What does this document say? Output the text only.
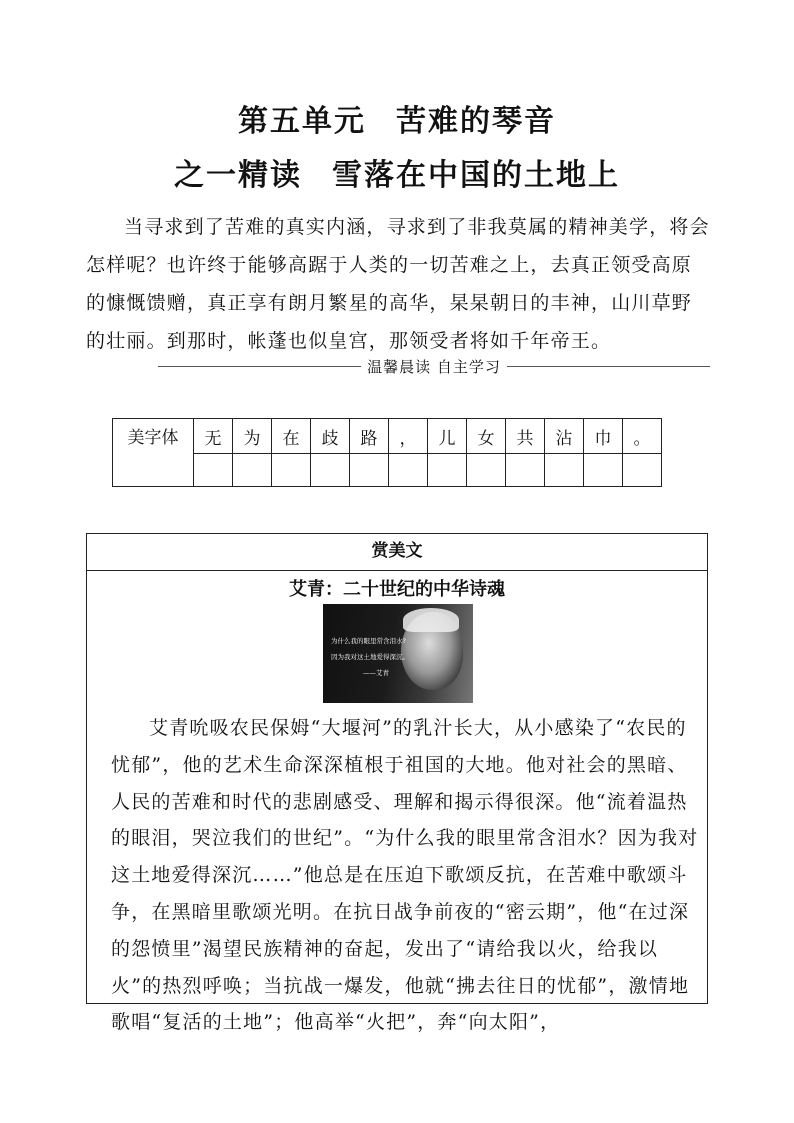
第五单元 苦难的琴音
之一精读 雪落在中国的土地上
当寻求到了苦难的真实内涵，寻求到了非我莫属的精神美学，将会怎样呢？也许终于能够高踞于人类的一切苦难之上，去真正领受高原的慷慨馈赠，真正享有朗月繁星的高华，杲杲朝日的丰神，山川草野的壮丽。到那时，帐蓬也似皇宫，那领受者将如千年帝王。
温馨晨读 自主学习
美字体	无	为	在	歧	路	，	儿	女	共	沾	巾	。

赏美文
艾青：二十世纪的中华诗魂
为什么我的眼里常含泪水?
因为我对这土地爱得深沉。
——艾青
艾青吮吸农民保姆“大堰河”的乳汁长大，从小感染了“农民的忧郁”，他的艺术生命深深植根于祖国的大地。他对社会的黑暗、人民的苦难和时代的悲剧感受、理解和揭示得很深。他“流着温热的眼泪，哭泣我们的世纪”。“为什么我的眼里常含泪水？因为我对这土地爱得深沉……”他总是在压迫下歌颂反抗，在苦难中歌颂斗争，在黑暗里歌颂光明。在抗日战争前夜的“密云期”，他“在过深的怨愤里”渴望民族精神的奋起，发出了“请给我以火，给我以火”的热烈呼唤；当抗战一爆发，他就“拂去往日的忧郁”，激情地歌唱“复活的土地”；他高举“火把”，奔“向太阳”，
